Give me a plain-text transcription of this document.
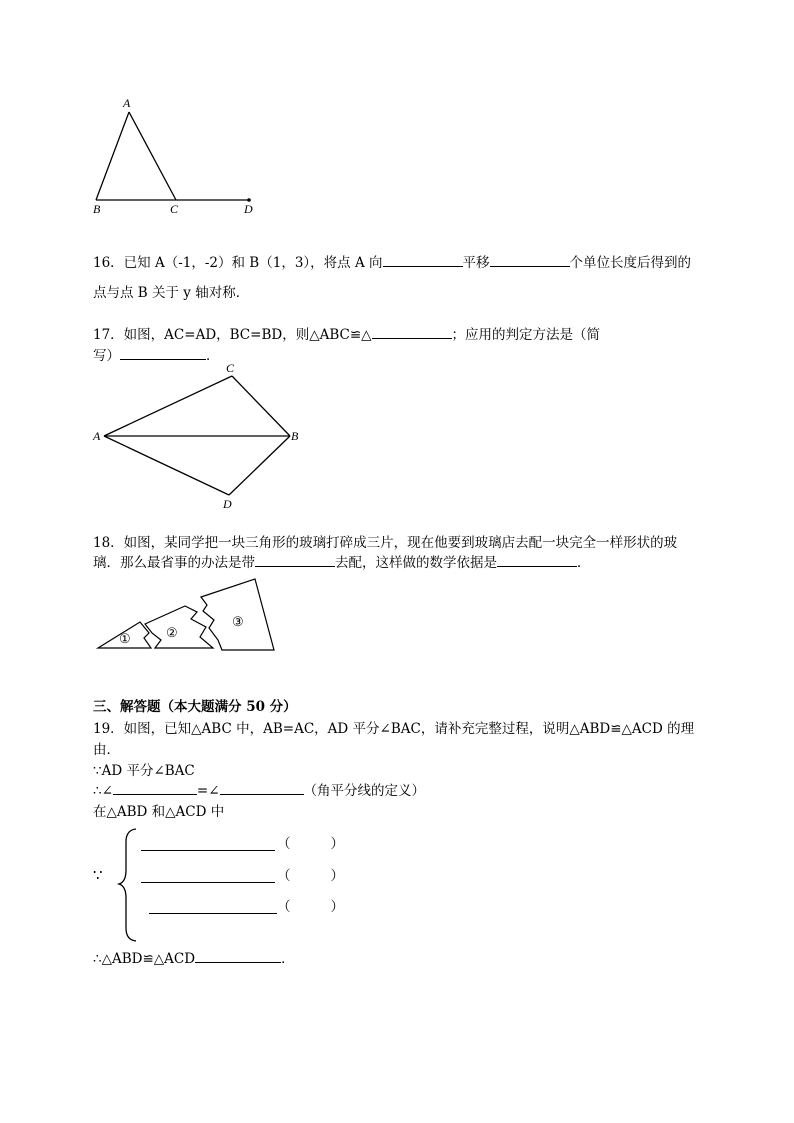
A
B	C	D
16．已知 A（-1，-2）和 B（1，3），将点 A 向	平移	个单位长度后得到的
点与点 B 关于 y 轴对称．
17．如图，AC=AD，BC=BD，则△ABC≌△	；应用的判定方法是（简
写）	．
C
A	B
D
18．如图，某同学把一块三角形的玻璃打碎成三片，现在他要到玻璃店去配一块完全一样形状的玻
璃．那么最省事的办法是带	去配，这样做的数学依据是	．
①	②
③
三、解答题（本大题满分 50 分）
19．如图，已知△ABC 中，AB=AC，AD 平分∠BAC，请补充完整过程，说明△ABD≌△ACD 的理
由．
∵AD 平分∠BAC
∴∠	=∠	（角平分线的定义）
在△ABD 和△ACD 中
∵
（	）
（	）
（	）
∴△ABD≌△ACD	．
